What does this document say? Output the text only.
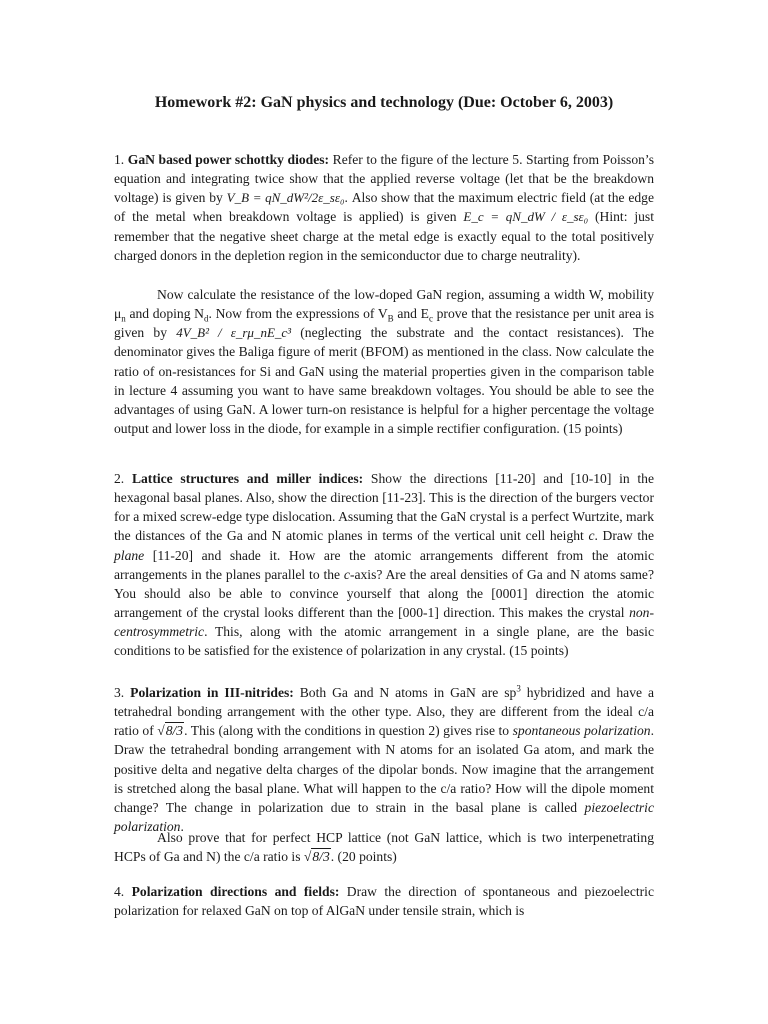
Homework #2: GaN physics and technology (Due: October 6, 2003)
1. GaN based power schottky diodes: Refer to the figure of the lecture 5. Starting from Poisson’s equation and integrating twice show that the applied reverse voltage (let that be the breakdown voltage) is given by V_B = qN_dW²/2ε_sε₀. Also show that the maximum electric field (at the edge of the metal when breakdown voltage is applied) is given E_c = qN_dW / ε_sε₀ (Hint: just remember that the negative sheet charge at the metal edge is exactly equal to the total positively charged donors in the depletion region in the semiconductor due to charge neutrality).
Now calculate the resistance of the low-doped GaN region, assuming a width W, mobility $\mu_n$ and doping $N_d$. Now from the expressions of $V_B$ and $E_c$ prove that the resistance per unit area is given by 4V_B² / ε_rμ_nE_c³ (neglecting the substrate and the contact resistances). The denominator gives the Baliga figure of merit (BFOM) as mentioned in the class. Now calculate the ratio of on-resistances for Si and GaN using the material properties given in the comparison table in lecture 4 assuming you want to have same breakdown voltages. You should be able to see the advantages of using GaN. A lower turn-on resistance is helpful for a higher percentage the voltage output and lower loss in the diode, for example in a simple rectifier configuration. (15 points)
2. Lattice structures and miller indices: Show the directions [11-20] and [10-10] in the hexagonal basal planes. Also, show the direction [11-23]. This is the direction of the burgers vector for a mixed screw-edge type dislocation. Assuming that the GaN crystal is a perfect Wurtzite, mark the distances of the Ga and N atomic planes in terms of the vertical unit cell height c. Draw the plane [11-20] and shade it. How are the atomic arrangements different from the atomic arrangements in the planes parallel to the c-axis? Are the areal densities of Ga and N atoms same? You should also be able to convince yourself that along the [0001] direction the atomic arrangement of the crystal looks different than the [000-1] direction. This makes the crystal non-centrosymmetric. This, along with the atomic arrangement in a single plane, are the basic conditions to be satisfied for the existence of polarization in any crystal. (15 points)
3. Polarization in III-nitrides: Both Ga and N atoms in GaN are $sp^3$ hybridized and have a tetrahedral bonding arrangement with the other type. Also, they are different from the ideal c/a ratio of √8/3. This (along with the conditions in question 2) gives rise to spontaneous polarization. Draw the tetrahedral bonding arrangement with N atoms for an isolated Ga atom, and mark the positive delta and negative delta charges of the dipolar bonds. Now imagine that the arrangement is stretched along the basal plane. What will happen to the c/a ratio? How will the dipole moment change? The change in polarization due to strain in the basal plane is called piezoelectric polarization.
Also prove that for perfect HCP lattice (not GaN lattice, which is two interpenetrating HCPs of Ga and N) the c/a ratio is √8/3. (20 points)
4. Polarization directions and fields: Draw the direction of spontaneous and piezoelectric polarization for relaxed GaN on top of AlGaN under tensile strain, which is
